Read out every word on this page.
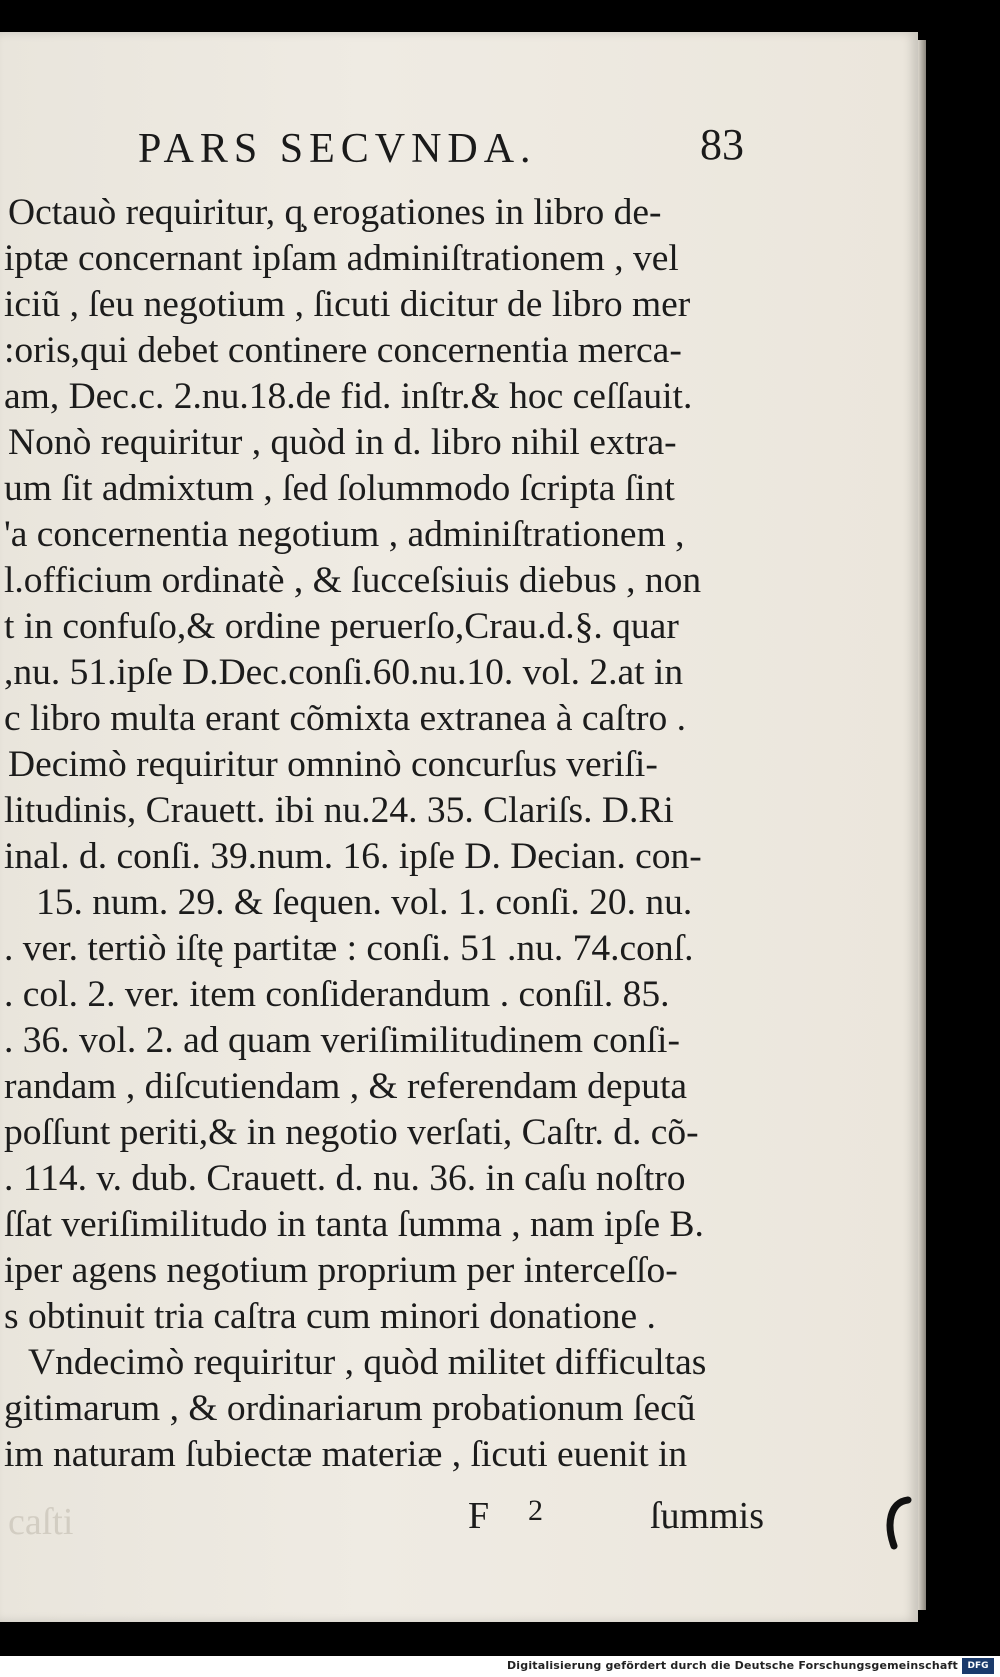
PARS SECVNDA.	83
Octauò requiritur, q̧ erogationes in libro de-
iptæ concernant ipſam adminiſtrationem , vel
iciũ , ſeu negotium , ſicuti dicitur de libro mer
:oris,qui debet continere concernentia merca-
am, Dec.c. 2.nu.18.de fid. inſtr.& hoc ceſſauit.
Nonò requiritur , quòd in d. libro nihil extra-
um ſit admixtum , ſed ſolummodo ſcripta ſint
'a concernentia negotium , adminiſtrationem ,
l.officium ordinatè , & ſucceſsiuis diebus , non
t in confuſo,& ordine peruerſo,Crau.d.§. quar
,nu. 51.ipſe D.Dec.conſi.60.nu.10. vol. 2.at in
c libro multa erant cõmixta extranea à caſtro .
Decimò requiritur omninò concurſus veriſi-
litudinis, Crauett. ibi nu.24. 35. Clariſs. D.Ri
inal. d. conſi. 39.num. 16. ipſe D. Decian. con-
15. num. 29. & ſequen. vol. 1. conſi. 20. nu.
. ver. tertiò iſtę partitæ : conſi. 51 .nu. 74.conſ.
. col. 2. ver. item conſiderandum . conſil. 85.
. 36. vol. 2. ad quam veriſimilitudinem conſi-
randam , diſcutiendam , & referendam deputa
poſſunt periti,& in negotio verſati, Caſtr. d. cõ-
. 114. v. dub. Crauett. d. nu. 36. in caſu noſtro
ſſat veriſimilitudo in tanta ſumma , nam ipſe B.
iper agens negotium proprium per interceſſo-
s obtinuit tria caſtra cum minori donatione .
Vndecimò requiritur , quòd militet difficultas
gitimarum , & ordinariarum probationum ſecũ
im naturam ſubiectæ materiæ , ſicuti euenit in
caſti	F 2	ſummis
Digitalisierung gefördert durch die Deutsche Forschungsgemeinschaft	DFG
